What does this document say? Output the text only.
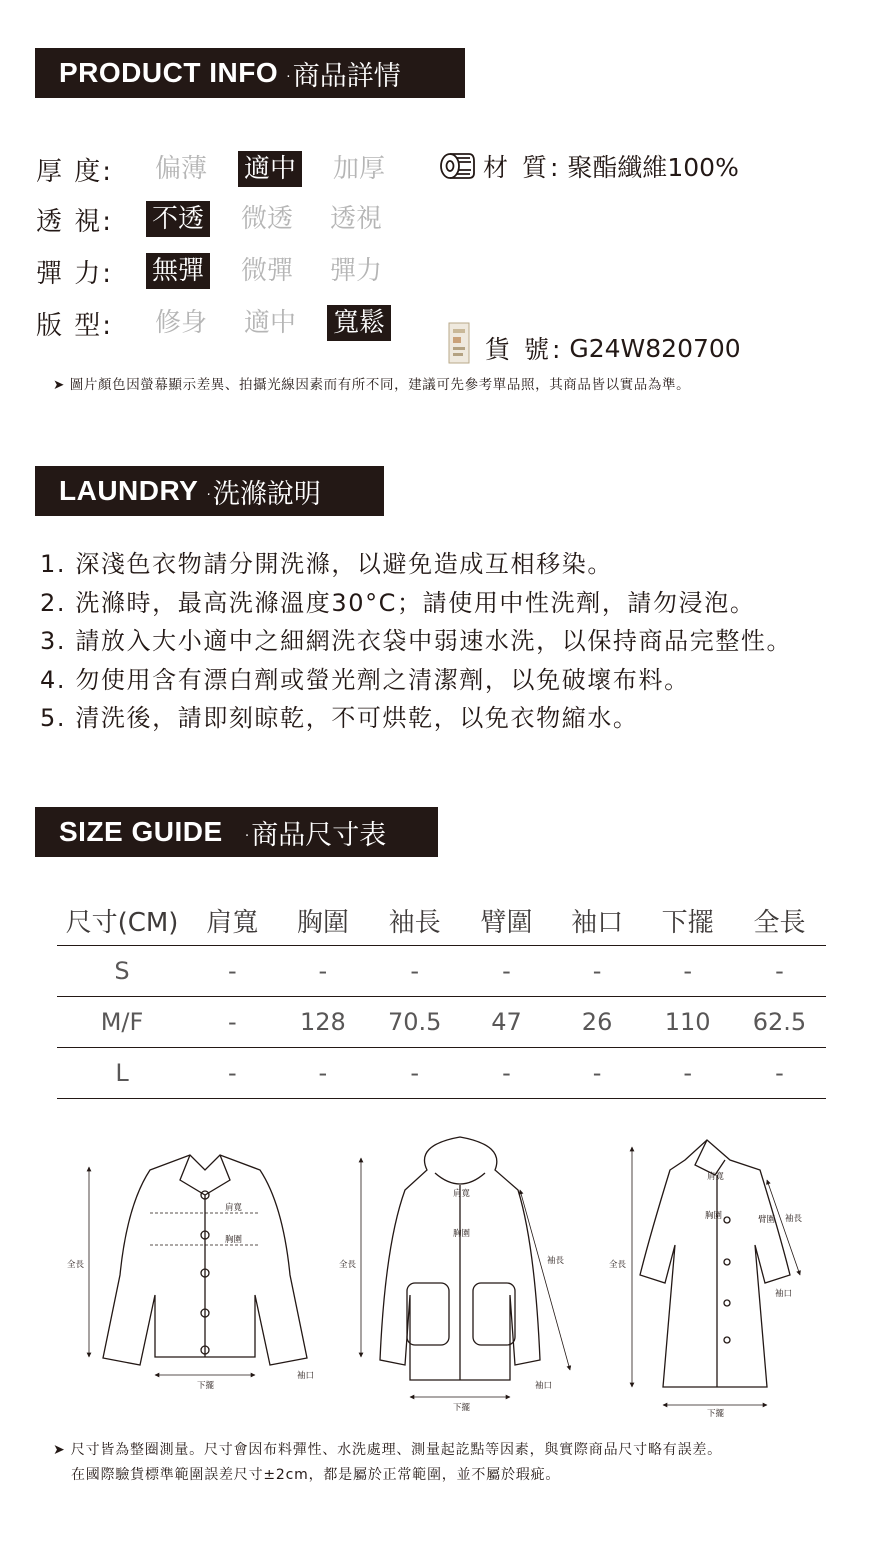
PRODUCT INFO ·商品詳情
厚 度:	偏薄 適中 加厚
透 視:	不透 微透 透視
彈 力:	無彈 微彈 彈力
版 型:	修身 適中 寬鬆
材 質: 聚酯纖維100%
貨 號: G24W820700
➤ 圖片顏色因螢幕顯示差異、拍攝光線因素而有所不同，建議可先參考單品照，其商品皆以實品為準。
LAUNDRY ·洗滌說明
1. 深淺色衣物請分開洗滌，以避免造成互相移染。
2. 洗滌時，最高洗滌溫度30°C；請使用中性洗劑，請勿浸泡。
3. 請放入大小適中之細網洗衣袋中弱速水洗，以保持商品完整性。
4. 勿使用含有漂白劑或螢光劑之清潔劑，以免破壞布料。
5. 清洗後，請即刻晾乾，不可烘乾，以免衣物縮水。
SIZE GUIDE ·商品尺寸表
尺寸(CM)	肩寬	胸圍	袖長	臂圍	袖口	下擺	全長
S	-	-	-	-	-	-	-
M/F	-	128	70.5	47	26	110	62.5
L	-	-	-	-	-	-	-
全長
肩寬
胸圍
下擺
袖口
全長
肩寬
胸圍
袖長
下擺
袖口
全長
肩寬
胸圍	臂圍 袖長
袖口
下擺
➤ 尺寸皆為整圈測量。尺寸會因布料彈性、水洗處理、測量起訖點等因素，與實際商品尺寸略有誤差。
在國際驗貨標準範圍誤差尺寸±2cm，都是屬於正常範圍，並不屬於瑕疵。
